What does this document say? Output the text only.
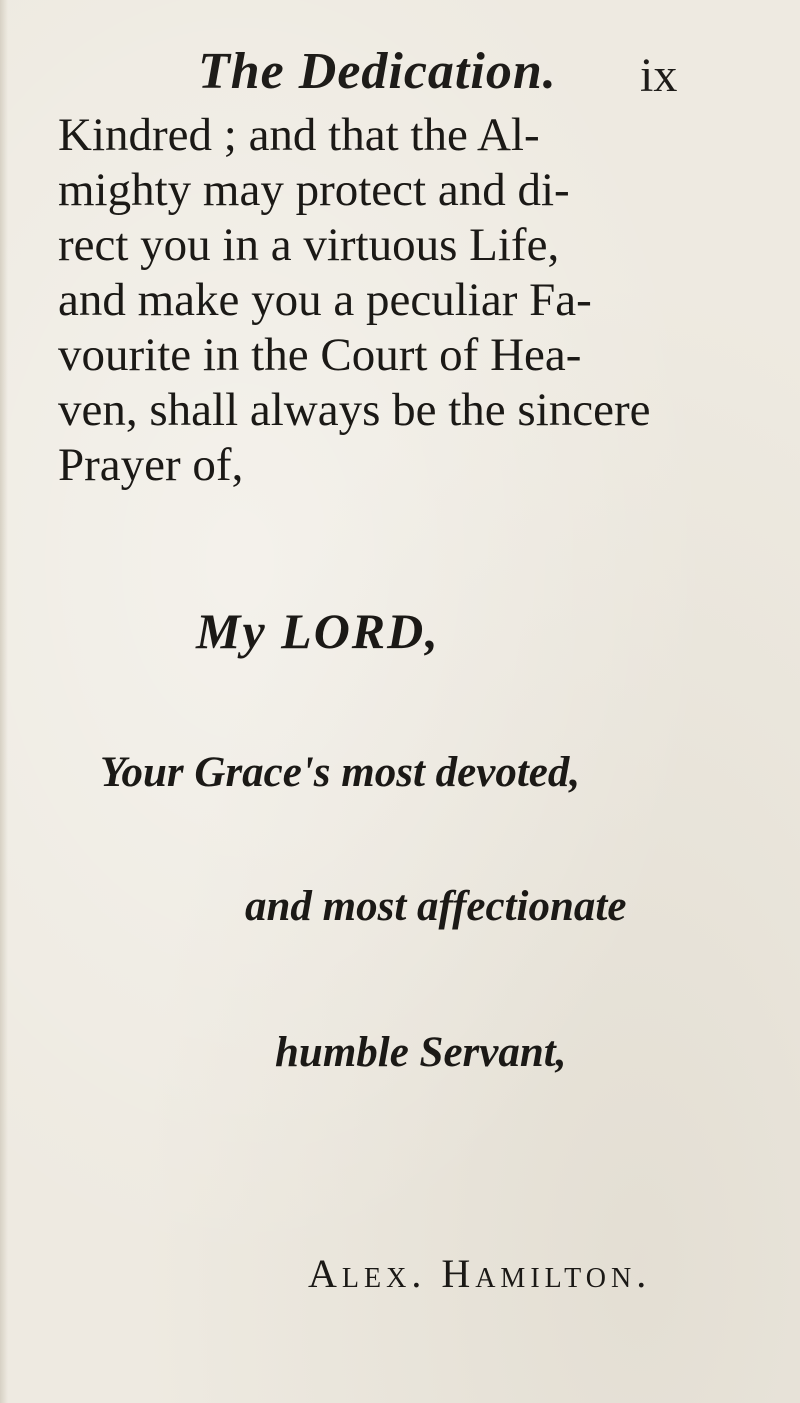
The Dedication. ix
Kindred ; and that the Al-
mighty may protect and di-
rect you in a virtuous Life,
and make you a peculiar Fa-
vourite in the Court of Hea-
ven, shall always be the sincere
Prayer of,
My LORD,
Your Grace's most devoted,
and most affectionate
humble Servant,
Alex. Hamilton.
